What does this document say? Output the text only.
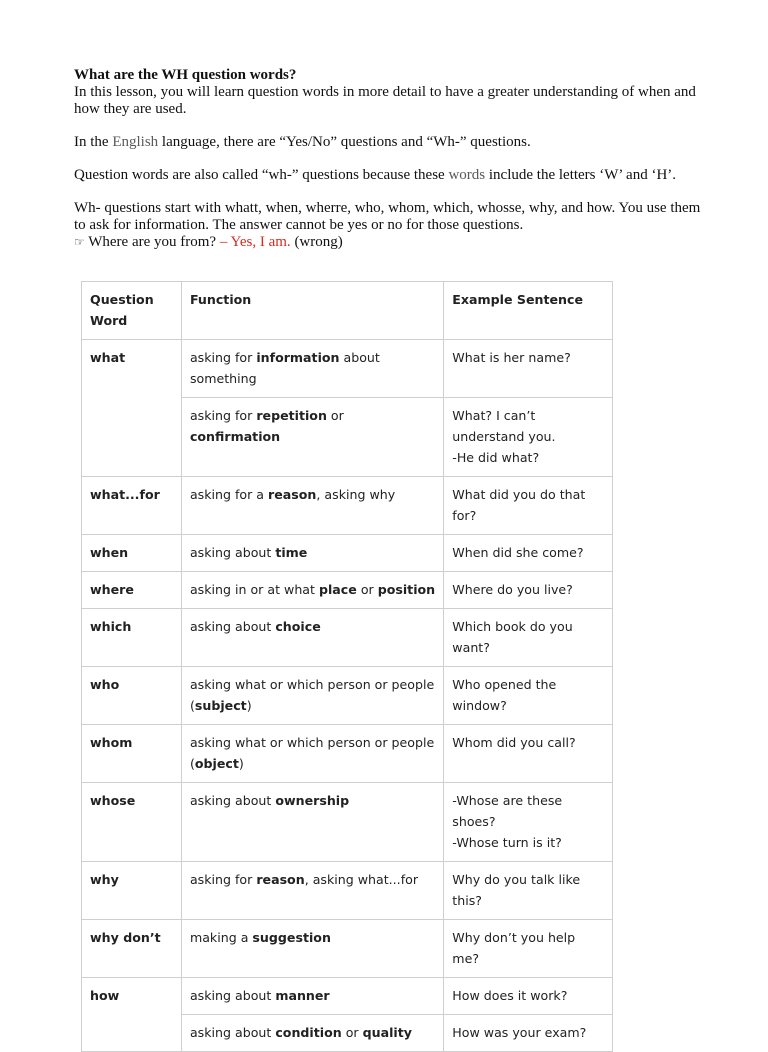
What are the WH question words?

In this lesson, you will learn question words in more detail to have a greater understanding of when and how they are used.

In the English language, there are “Yes/No” questions and “Wh-” questions.

Question words are also called “wh-” questions because these words include the letters ‘W’ and ‘H’.

Wh- questions start with whatt, when, wherre, who, whom, which, whosse, why, and how. You use them to ask for information. The answer cannot be yes or no for those questions.

☞ Where are you from? – Yes, I am. (wrong)

Question Word	Function	Example Sentence
what	asking for information about something	What is her name?
	asking for repetition or confirmation	What? I can’t understand you.
-He did what?
what...for	asking for a reason, asking why	What did you do that for?
when	asking about time	When did she come?
where	asking in or at what place or position	Where do you live?
which	asking about choice	Which book do you want?
who	asking what or which person or people (subject)	Who opened the window?
whom	asking what or which person or people (object)	Whom did you call?
whose	asking about ownership	-Whose are these shoes?
-Whose turn is it?
why	asking for reason, asking what...for	Why do you talk like this?
why don’t	making a suggestion	Why don’t you help me?
how	asking about manner	How does it work?
	asking about condition or quality	How was your exam?
